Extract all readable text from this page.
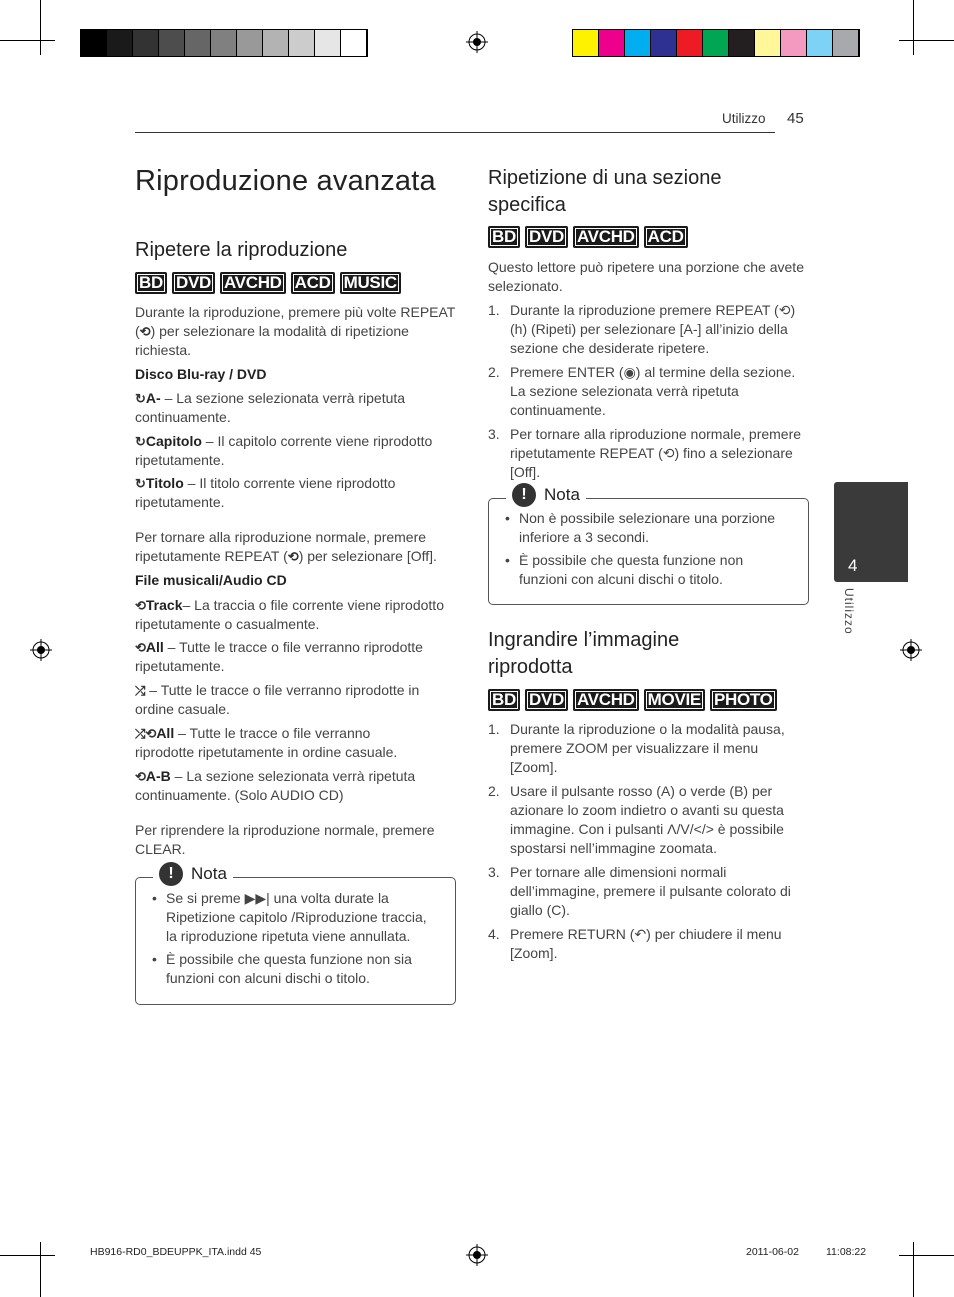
Utilizzo 45
Riproduzione avanzata
Ripetere la riproduzione
BD DVD AVCHD ACD MUSIC
Durante la riproduzione, premere più volte REPEAT
(⟲) per selezionare la modalità di ripetizione
richiesta.
Disco Blu-ray / DVD
↻A- – La sezione selezionata verrà ripetuta
continuamente.
↻Capitolo – Il capitolo corrente viene riprodotto
ripetutamente.
↻Titolo – Il titolo corrente viene riprodotto
ripetutamente.
Per tornare alla riproduzione normale, premere
ripetutamente REPEAT (⟲) per selezionare [Off].
File musicali/Audio CD
⟲Track– La traccia o file corrente viene riprodotto
ripetutamente o casualmente.
⟲All – Tutte le tracce o file verranno riprodotte
ripetutamente.
⤮ – Tutte le tracce o file verranno riprodotte in
ordine casuale.
⤮⟲All – Tutte le tracce o file verranno
riprodotte ripetutamente in ordine casuale.
⟲A-B – La sezione selezionata verrà ripetuta
continuamente. (Solo AUDIO CD)
Per riprendere la riproduzione normale, premere
CLEAR.
!	Nota
• Se si preme ▶▶| una volta durate la Ripetizione capitolo /Riproduzione traccia, la riproduzione ripetuta viene annullata.
• È possibile che questa funzione non sia funzioni con alcuni dischi o titolo.
Ripetizione di una sezione
specifica
BD DVD AVCHD ACD
Questo lettore può ripetere una porzione che avete selezionato.
1. Durante la riproduzione premere REPEAT (⟲) (h) (Ripeti) per selezionare [A-] all’inizio della sezione che desiderate ripetere.
2. Premere ENTER (◉) al termine della sezione. La sezione selezionata verrà ripetuta continuamente.
3. Per tornare alla riproduzione normale, premere ripetutamente REPEAT (⟲) fino a selezionare [Off].
!	Nota
• Non è possibile selezionare una porzione inferiore a 3 secondi.
• È possibile che questa funzione non funzioni con alcuni dischi o titolo.
Ingrandire l’immagine
riprodotta
BD DVD AVCHD MOVIE PHOTO
1. Durante la riproduzione o la modalità pausa, premere ZOOM per visualizzare il menu [Zoom].
2. Usare il pulsante rosso (A) o verde (B) per azionare lo zoom indietro o avanti su questa immagine. Con i pulsanti Λ/V/</> è possibile spostarsi nell’immagine zoomata.
3. Per tornare alle dimensioni normali dell’immagine, premere il pulsante colorato di giallo (C).
4. Premere RETURN (↶) per chiudere il menu [Zoom].
4
Utilizzo
HB916-RD0_BDEUPPK_ITA.indd 45	2011-06-02	11:08:22
